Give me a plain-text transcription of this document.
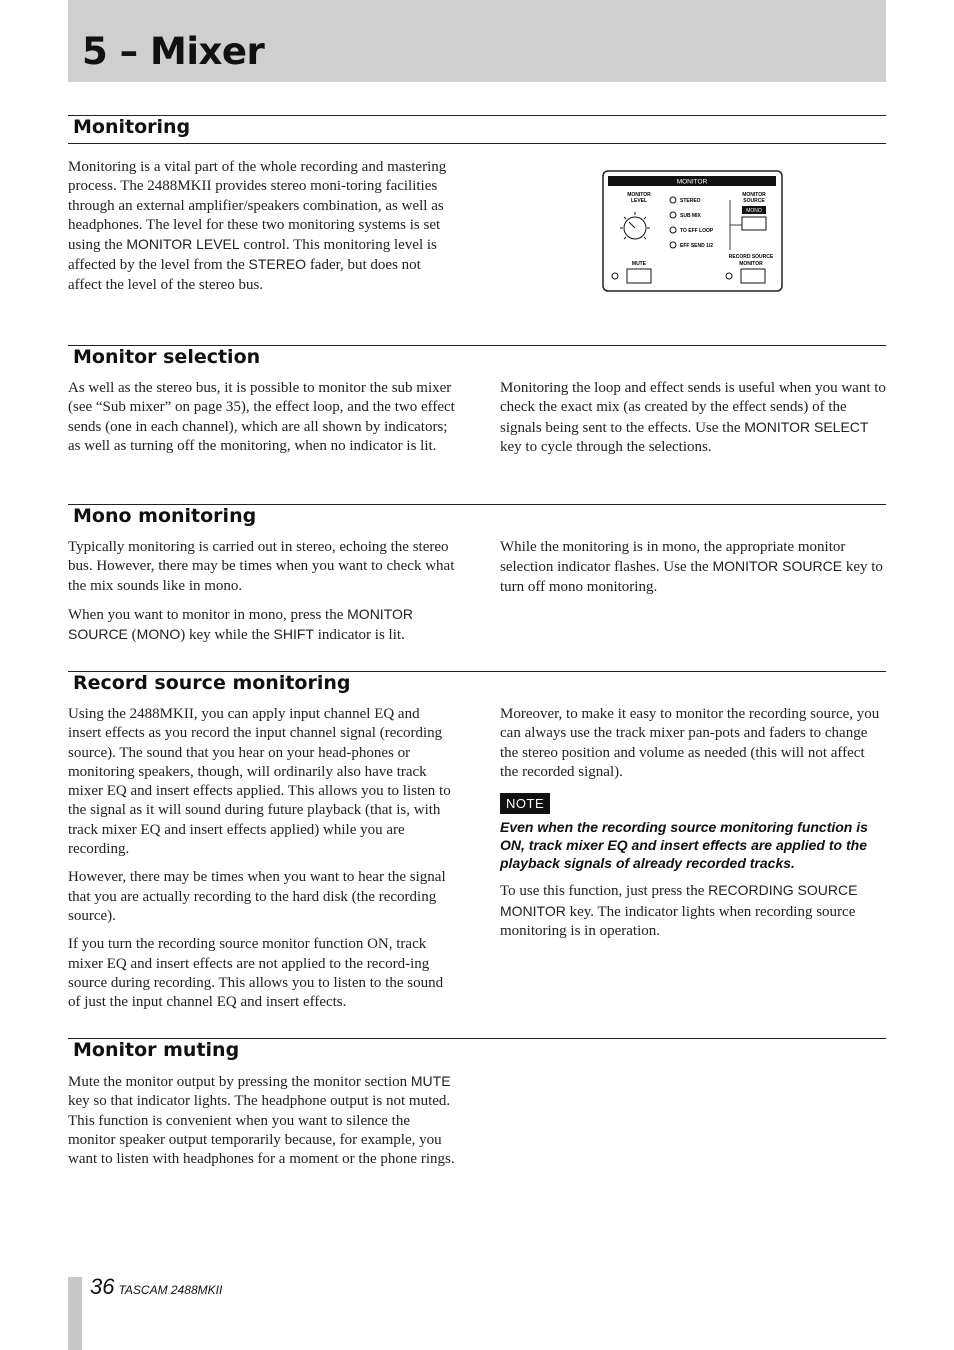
5 – Mixer
Monitoring

Monitoring is a vital part of the whole recording and mastering process. The 2488MKII provides stereo moni-toring facilities through an external amplifier/speakers combination, as well as headphones. The level for these two monitoring systems is set using the MONITOR LEVEL control. This monitoring level is affected by the level from the STEREO fader, but does not affect the level of the stereo bus.

MONITOR
MONITOR
LEVEL	STEREO
SUB MIX
TO EFF LOOP
EFF SEND 1/2
MONITOR
SOURCE
MONO
MUTE
RECORD SOURCE
MONITOR
Monitor selection

As well as the stereo bus, it is possible to monitor the sub mixer (see “Sub mixer” on page 35), the effect loop, and the two effect sends (one in each channel), which are all shown by indicators; as well as turning off the monitoring, when no indicator is lit.

Monitoring the loop and effect sends is useful when you want to check the exact mix (as created by the effect sends) of the signals being sent to the effects. Use the MONITOR SELECT key to cycle through the selections.

Mono monitoring

Typically monitoring is carried out in stereo, echoing the stereo bus. However, there may be times when you want to check what the mix sounds like in mono.

When you want to monitor in mono, press the MONITOR SOURCE (MONO) key while the SHIFT indicator is lit.

While the monitoring is in mono, the appropriate monitor selection indicator flashes. Use the MONITOR SOURCE key to turn off mono monitoring.

Record source monitoring

Using the 2488MKII, you can apply input channel EQ and insert effects as you record the input channel signal (recording source). The sound that you hear on your head-phones or monitoring speakers, though, will ordinarily also have track mixer EQ and insert effects applied. This allows you to listen to the signal as it will sound during future playback (that is, with track mixer EQ and insert effects applied) while you are recording.

However, there may be times when you want to hear the signal that you are actually recording to the hard disk (the recording source).

If you turn the recording source monitor function ON, track mixer EQ and insert effects are not applied to the record-ing source during recording. This allows you to listen to the sound of just the input channel EQ and insert effects.

Moreover, to make it easy to monitor the recording source, you can always use the track mixer pan-pots and faders to change the stereo position and volume as needed (this will not affect the recorded signal).

NOTE

Even when the recording source monitoring function is ON, track mixer EQ and insert effects are applied to the playback signals of already recorded tracks.

To use this function, just press the RECORDING SOURCE MONITOR key. The indicator lights when recording source monitoring is in operation.

Monitor muting

Mute the monitor output by pressing the monitor section MUTE key so that indicator lights. The headphone output is not muted. This function is convenient when you want to silence the monitor speaker output temporarily because, for example, you want to listen with headphones for a moment or the phone rings.

36 TASCAM 2488MKII
